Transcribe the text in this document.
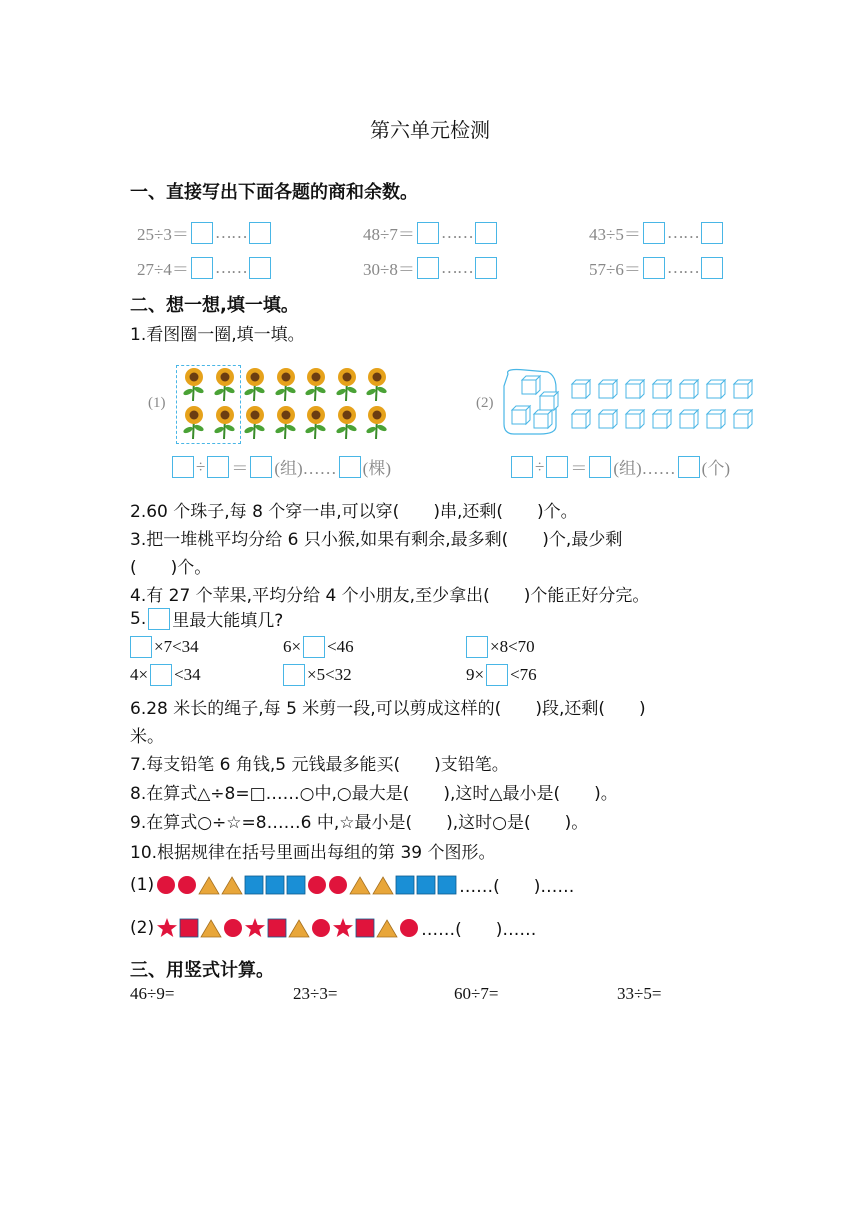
第六单元检测
一、直接写出下面各题的商和余数。
25÷3＝ ……	48÷7＝ ……	43÷5＝ ……
27÷4＝ ……	30÷8＝ ……	57÷6＝ ……
二、想一想,填一填。
1.看图圈一圈,填一填。
(1)
÷ ＝ (组)…… (棵)
(2)
÷ ＝ (组)…… (个)
2.60 个珠子,每 8 个穿一串,可以穿(　　)串,还剩(　　)个。
3.把一堆桃平均分给 6 只小猴,如果有剩余,最多剩(　　)个,最少剩
(　　)个。
4.有 27 个苹果,平均分给 4 个小朋友,至少拿出(　　)个能正好分完。
5. 里最大能填几?
×7<34	6× <46	×8<70
4× <34	×5<32	9× <76
6.28 米长的绳子,每 5 米剪一段,可以剪成这样的(　　)段,还剩(　　)
米。
7.每支铅笔 6 角钱,5 元钱最多能买(　　)支铅笔。
8.在算式△÷8=□……○中,○最大是(　　),这时△最小是(　　)。
9.在算式○÷☆=8……6 中,☆最小是(　　),这时○是(　　)。
10.根据规律在括号里画出每组的第 39 个图形。
(1)	……(　　)……
(2)	……(　　)……
三、用竖式计算。
46÷9=	23÷3=	60÷7=	33÷5=
